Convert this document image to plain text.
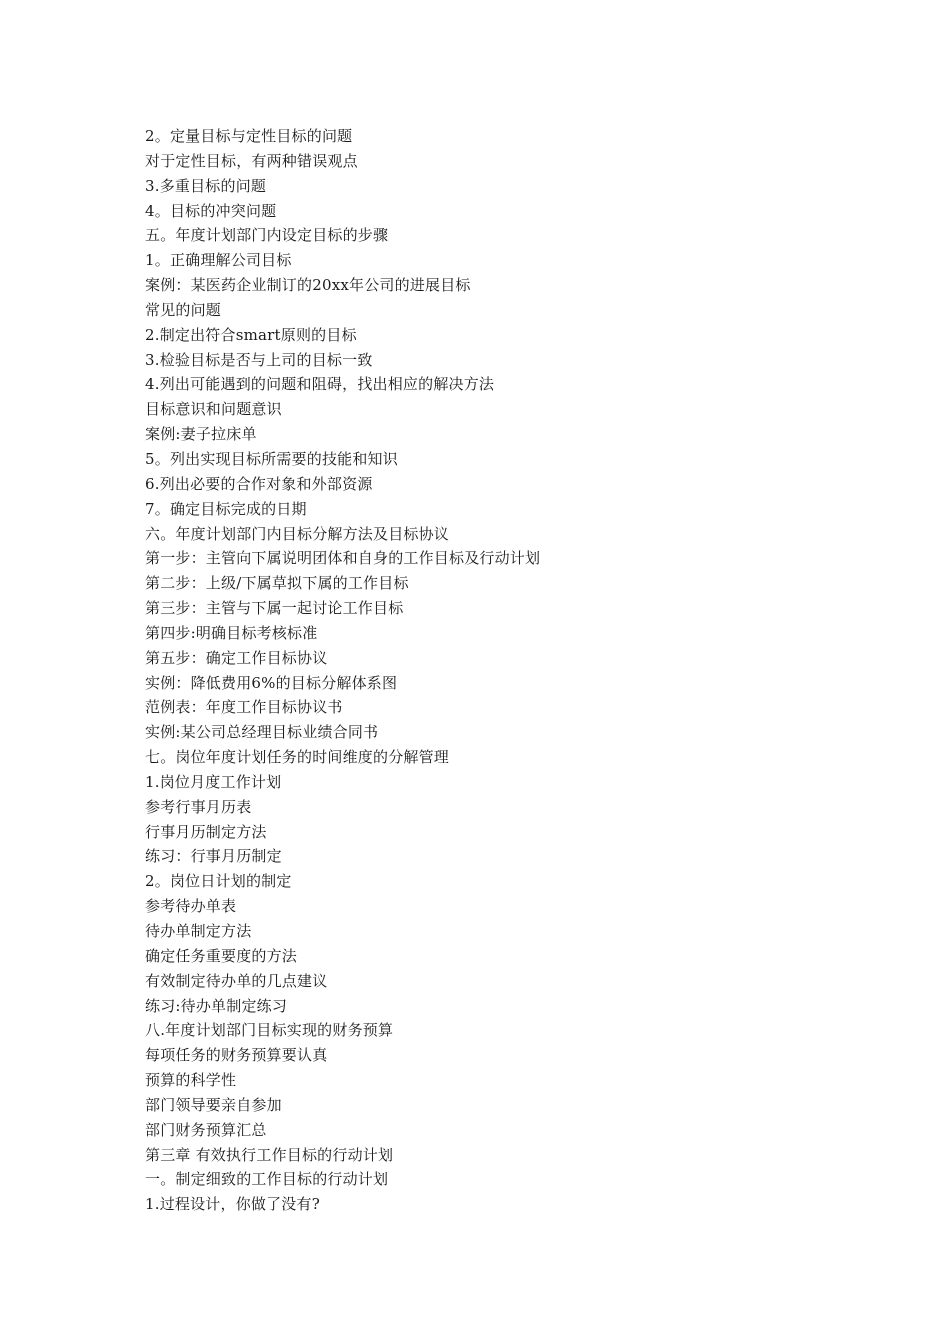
2。定量目标与定性目标的问题
对于定性目标，有两种错误观点
3.多重目标的问题
4。目标的冲突问题
五。年度计划部门内设定目标的步骤
1。正确理解公司目标
案例：某医药企业制订的20xx年公司的进展目标
常见的问题
2.制定出符合smart原则的目标
3.检验目标是否与上司的目标一致
4.列出可能遇到的问题和阻碍，找出相应的解决方法
目标意识和问题意识
案例:妻子拉床单
5。列出实现目标所需要的技能和知识
6.列出必要的合作对象和外部资源
7。确定目标完成的日期
六。年度计划部门内目标分解方法及目标协议
第一步：主管向下属说明团体和自身的工作目标及行动计划
第二步：上级/下属草拟下属的工作目标
第三步：主管与下属一起讨论工作目标
第四步:明确目标考核标准
第五步：确定工作目标协议
实例：降低费用6%的目标分解体系图
范例表：年度工作目标协议书
实例:某公司总经理目标业绩合同书
七。岗位年度计划任务的时间维度的分解管理
1.岗位月度工作计划
参考行事月历表
行事月历制定方法
练习：行事月历制定
2。岗位日计划的制定
参考待办单表
待办单制定方法
确定任务重要度的方法
有效制定待办单的几点建议
练习:待办单制定练习
八.年度计划部门目标实现的财务预算
每项任务的财务预算要认真
预算的科学性
部门领导要亲自参加
部门财务预算汇总
第三章 有效执行工作目标的行动计划
一。制定细致的工作目标的行动计划
1.过程设计，你做了没有?
